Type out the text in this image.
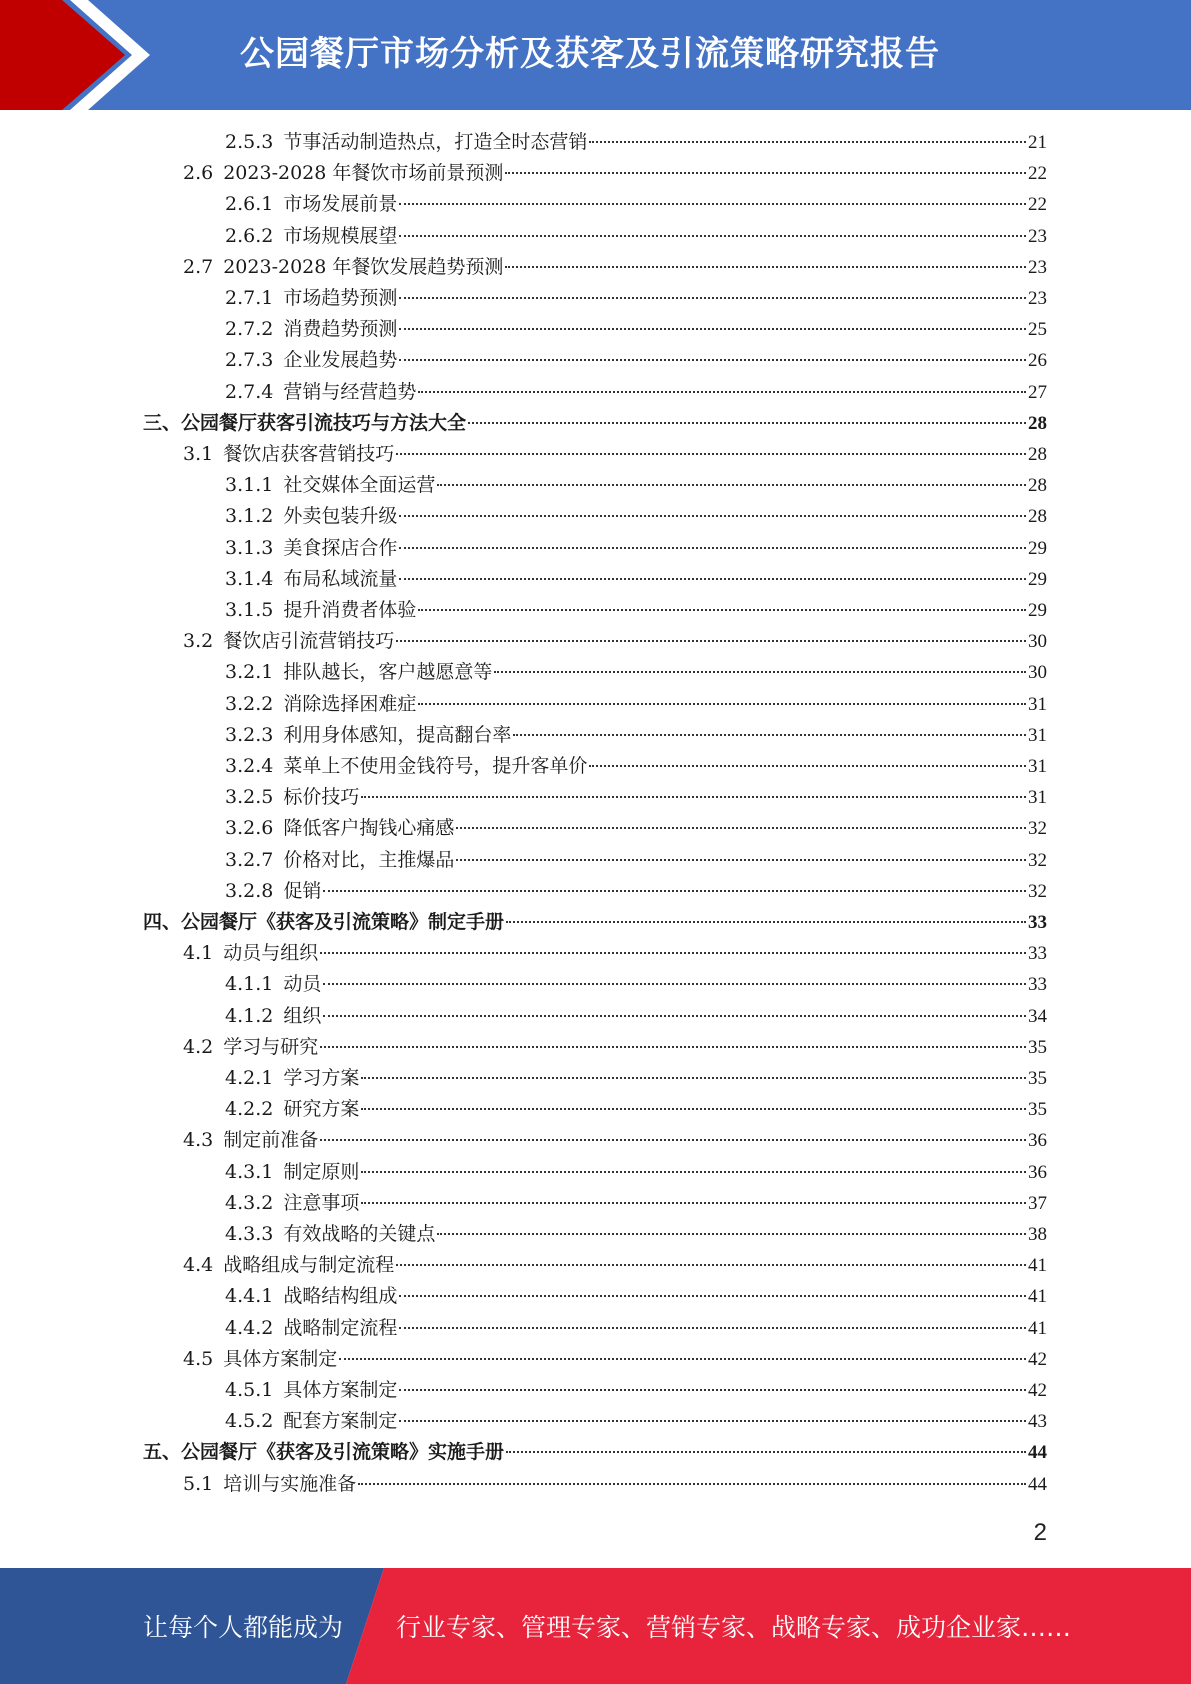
公园餐厅市场分析及获客及引流策略研究报告
2.5.3 节事活动制造热点，打造全时态营销	21
2.6 2023-2028 年餐饮市场前景预测	22
2.6.1 市场发展前景	22
2.6.2 市场规模展望	23
2.7 2023-2028 年餐饮发展趋势预测	23
2.7.1 市场趋势预测	23
2.7.2 消费趋势预测	25
2.7.3 企业发展趋势	26
2.7.4 营销与经营趋势	27
三、 公园餐厅获客引流技巧与方法大全	28
3.1 餐饮店获客营销技巧	28
3.1.1 社交媒体全面运营	28
3.1.2 外卖包装升级	28
3.1.3 美食探店合作	29
3.1.4 布局私域流量	29
3.1.5 提升消费者体验	29
3.2 餐饮店引流营销技巧	30
3.2.1 排队越长，客户越愿意等	30
3.2.2 消除选择困难症	31
3.2.3 利用身体感知，提高翻台率	31
3.2.4 菜单上不使用金钱符号，提升客单价	31
3.2.5 标价技巧	31
3.2.6 降低客户掏钱心痛感	32
3.2.7 价格对比，主推爆品	32
3.2.8 促销	32
四、 公园餐厅《获客及引流策略》制定手册	33
4.1 动员与组织	33
4.1.1 动员	33
4.1.2 组织	34
4.2 学习与研究	35
4.2.1 学习方案	35
4.2.2 研究方案	35
4.3 制定前准备	36
4.3.1 制定原则	36
4.3.2 注意事项	37
4.3.3 有效战略的关键点	38
4.4 战略组成与制定流程	41
4.4.1 战略结构组成	41
4.4.2 战略制定流程	41
4.5 具体方案制定	42
4.5.1 具体方案制定	42
4.5.2 配套方案制定	43
五、 公园餐厅《获客及引流策略》实施手册	44
5.1 培训与实施准备	44
2
让每个人都能成为 行业专家、管理专家、营销专家、战略专家、成功企业家……
